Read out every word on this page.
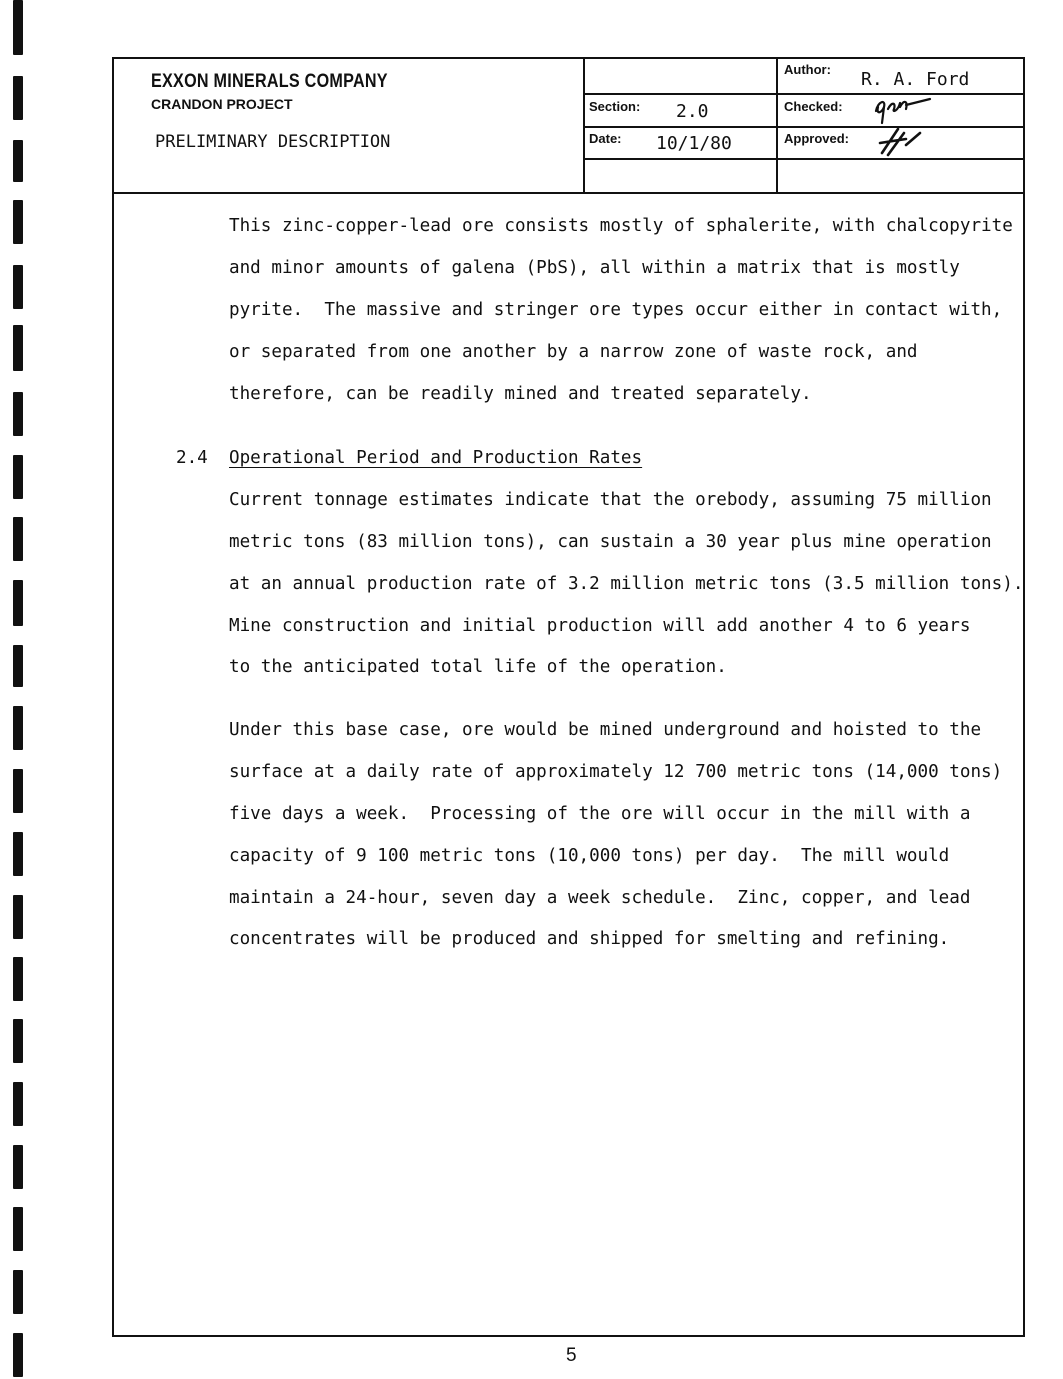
EXXON MINERALS COMPANY
CRANDON PROJECT
PRELIMINARY DESCRIPTION
Section: 2.0
Date: 10/1/80
Author: R. A. Ford
Checked:
Approved:
This zinc-copper-lead ore consists mostly of sphalerite, with chalcopyrite
and minor amounts of galena (PbS), all within a matrix that is mostly
pyrite.  The massive and stringer ore types occur either in contact with,
or separated from one another by a narrow zone of waste rock, and
therefore, can be readily mined and treated separately.
2.4 Operational Period and Production Rates
Current tonnage estimates indicate that the orebody, assuming 75 million
metric tons (83 million tons), can sustain a 30 year plus mine operation
at an annual production rate of 3.2 million metric tons (3.5 million tons).
Mine construction and initial production will add another 4 to 6 years
to the anticipated total life of the operation.
Under this base case, ore would be mined underground and hoisted to the
surface at a daily rate of approximately 12 700 metric tons (14,000 tons)
five days a week.  Processing of the ore will occur in the mill with a
capacity of 9 100 metric tons (10,000 tons) per day.  The mill would
maintain a 24-hour, seven day a week schedule.  Zinc, copper, and lead
concentrates will be produced and shipped for smelting and refining.
5
